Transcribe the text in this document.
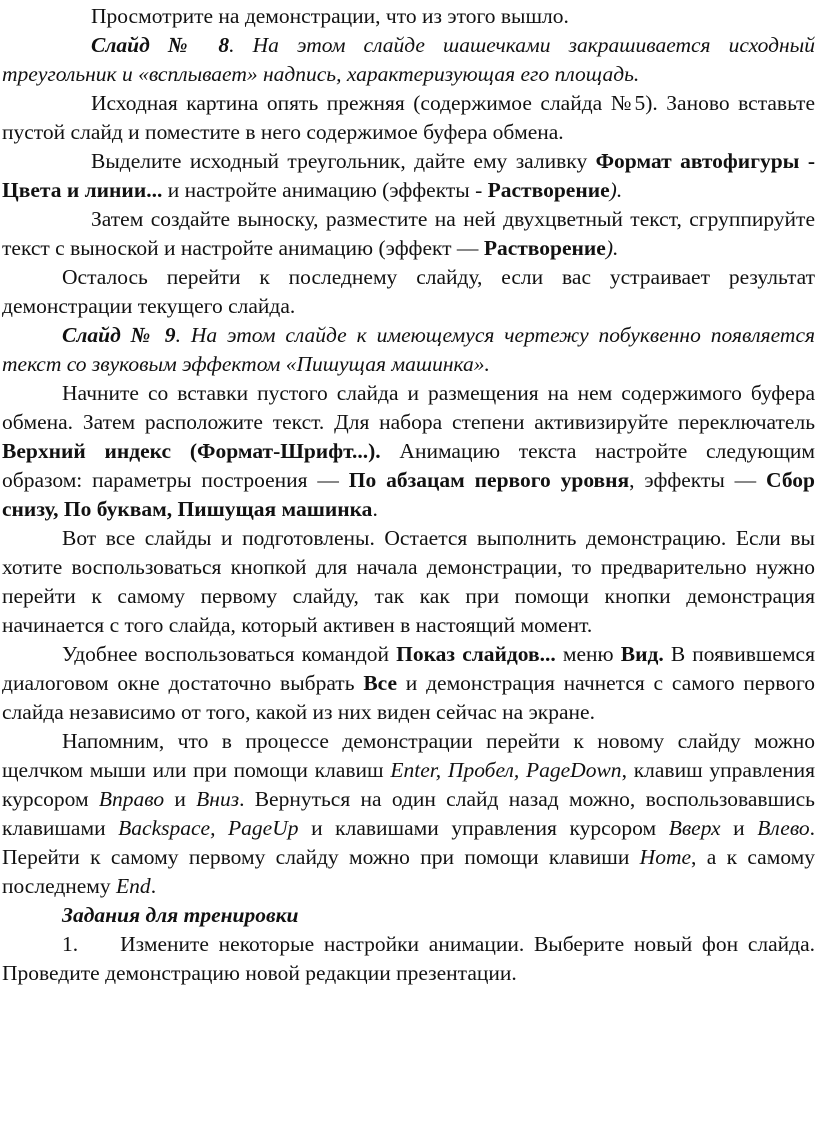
Просмотрите на демонстрации, что из этого вышло.

Слайд № 8. На этом слайде шашечками закрашивается исходный треугольник и «всплывает» надпись, характеризующая его площадь.

Исходная картина опять прежняя (содержимое слайда №5). Заново вставьте пустой слайд и поместите в него содержимое буфера обмена.

Выделите исходный треугольник, дайте ему заливку Формат автофигуры - Цвета и линии... и настройте анимацию (эффекты - Растворение).

Затем создайте выноску, разместите на ней двухцветный текст, сгруппируйте текст с выноской и настройте анимацию (эффект — Растворение).

Осталось перейти к последнему слайду, если вас устраивает результат демонстрации текущего слайда.

Слайд № 9. На этом слайде к имеющемуся чертежу побуквенно появляется текст со звуковым эффектом «Пишущая машинка».

Начните со вставки пустого слайда и размещения на нем содержимого буфера обмена. Затем расположите текст. Для набора степени активизируйте переключатель Верхний индекс (Формат-Шрифт...). Анимацию текста настройте следующим образом: параметры построения — По абзацам первого уровня, эффекты — Сбор снизу, По буквам, Пишущая машинка.

Вот все слайды и подготовлены. Остается выполнить демонстрацию. Если вы хотите воспользоваться кнопкой для начала демонстрации, то предварительно нужно перейти к самому первому слайду, так как при помощи кнопки демонстрация начинается с того слайда, который активен в настоящий момент.

Удобнее воспользоваться командой Показ слайдов... меню Вид. В появившемся диалоговом окне достаточно выбрать Все и демонстрация начнется с самого первого слайда независимо от того, какой из них виден сейчас на экране.

Напомним, что в процессе демонстрации перейти к новому слайду можно щелчком мыши или при помощи клавиш Enter, Пробел, PageDown, клавиш управления курсором Вправо и Вниз. Вернуться на один слайд назад можно, воспользовавшись клавишами Backspace, PageUp и клавишами управления курсором Вверх и Влево. Перейти к самому первому слайду можно при помощи клавиши Home, а к самому последнему End.

Задания для тренировки

1. Измените некоторые настройки анимации. Выберите новый фон слайда. Проведите демонстрацию новой редакции презентации.
